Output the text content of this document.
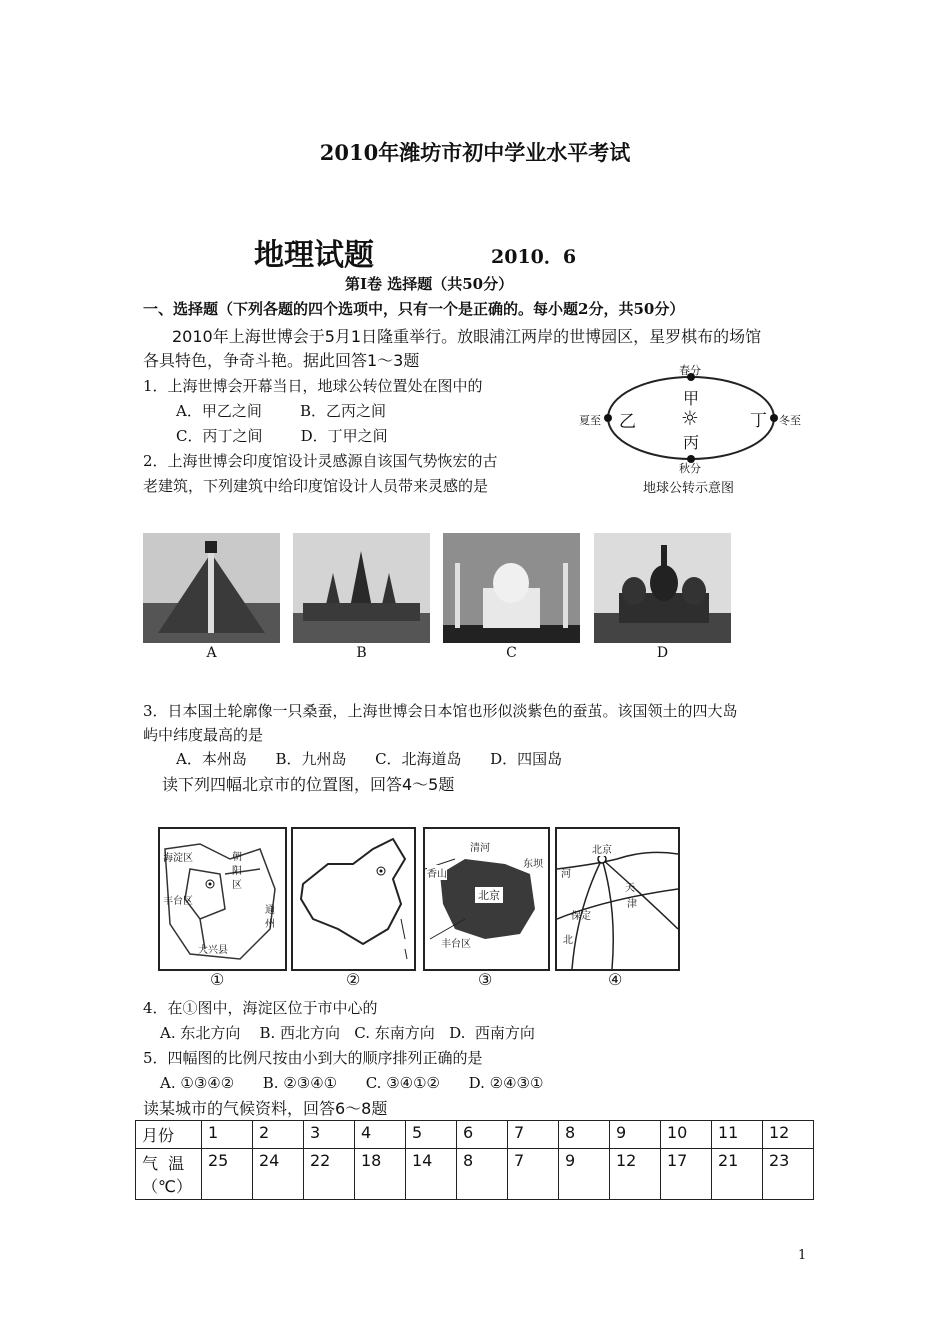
2010年潍坊市初中学业水平考试
地理试题	2010．6
第Ⅰ卷 选择题（共50分）
一、选择题（下列各题的四个选项中，只有一个是正确的。每小题2分，共50分）
2010年上海世博会于5月1日隆重举行。放眼浦江两岸的世博园区，星罗棋布的场馆
各具特色，争奇斗艳。据此回答1～3题
1．上海世博会开幕当日，地球公转位置处在图中的
A．甲乙之间        B．乙丙之间
C．丙丁之间        D．丁甲之间
2．上海世博会印度馆设计灵感源自该国气势恢宏的古
老建筑，下列建筑中给印度馆设计人员带来灵感的是
春分
秋分
夏至	冬至
甲
乙
丙
丁
☼
地球公转示意图
A	B	C	D
3．日本国土轮廓像一只桑蚕，上海世博会日本馆也形似淡紫色的蚕茧。该国领土的四大岛
屿中纬度最高的是
A．本州岛      B．九州岛      C．北海道岛      D．四国岛
读下列四幅北京市的位置图，回答4～5题
海淀区	朝阳区
丰台区
通州
大兴县
清河
东坝
香山
北京
丰台区
北京
河
保定
北
天
津
①	②	③	④
4．在①图中，海淀区位于市中心的
A. 东北方向    B. 西北方向   C. 东南方向   D.  西南方向
5．四幅图的比例尺按由小到大的顺序排列正确的是
A. ①③④②      B. ②③④①      C. ③④①②      D. ②④③①
读某城市的气候资料，回答6～8题
月份	1	2	3	4	5	6	7	8	9	10	11	12

气  温
（℃）	25	24	22	18	14	8	7	9	12	17	21	23
1
